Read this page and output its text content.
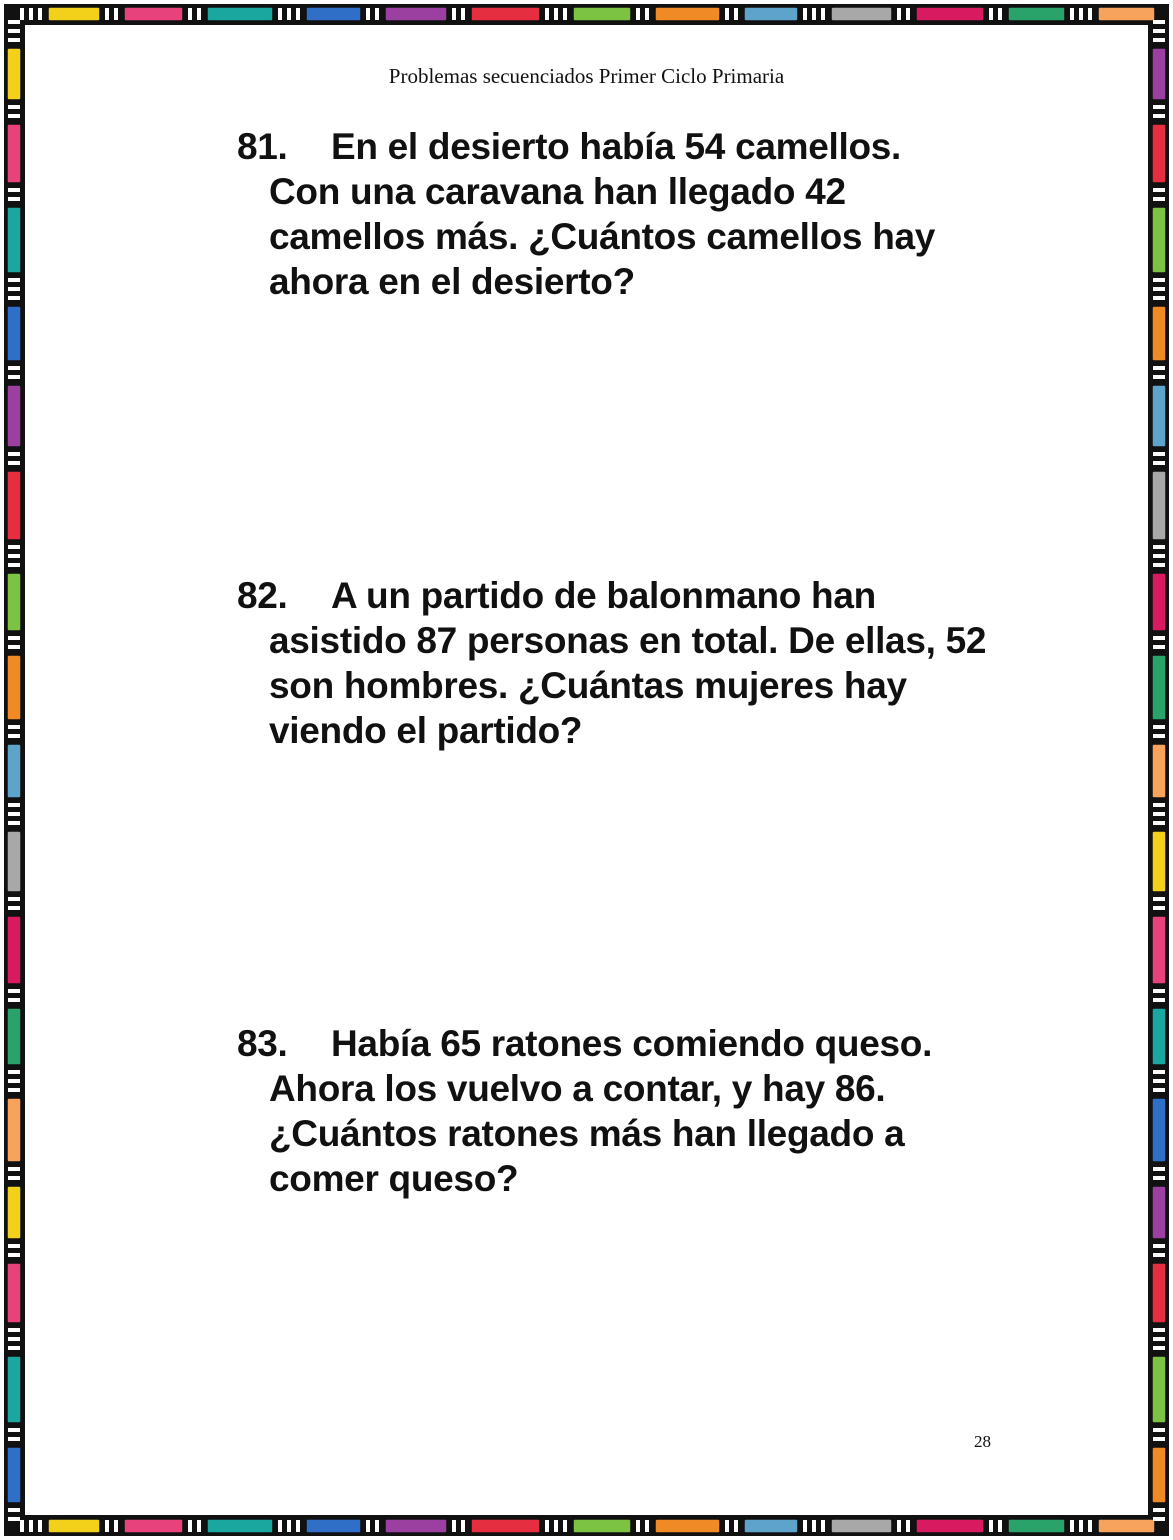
Problemas secuenciados Primer Ciclo Primaria
81. En el desierto había 54 camellos.
Con una caravana han llegado 42
camellos más. ¿Cuántos camellos hay
ahora en el desierto?
82. A un partido de balonmano han
asistido 87 personas en total. De ellas, 52
son hombres. ¿Cuántas mujeres hay
viendo el partido?
83. Había 65 ratones comiendo queso.
Ahora los vuelvo a contar, y hay 86.
¿Cuántos ratones más han llegado a
comer queso?
28
